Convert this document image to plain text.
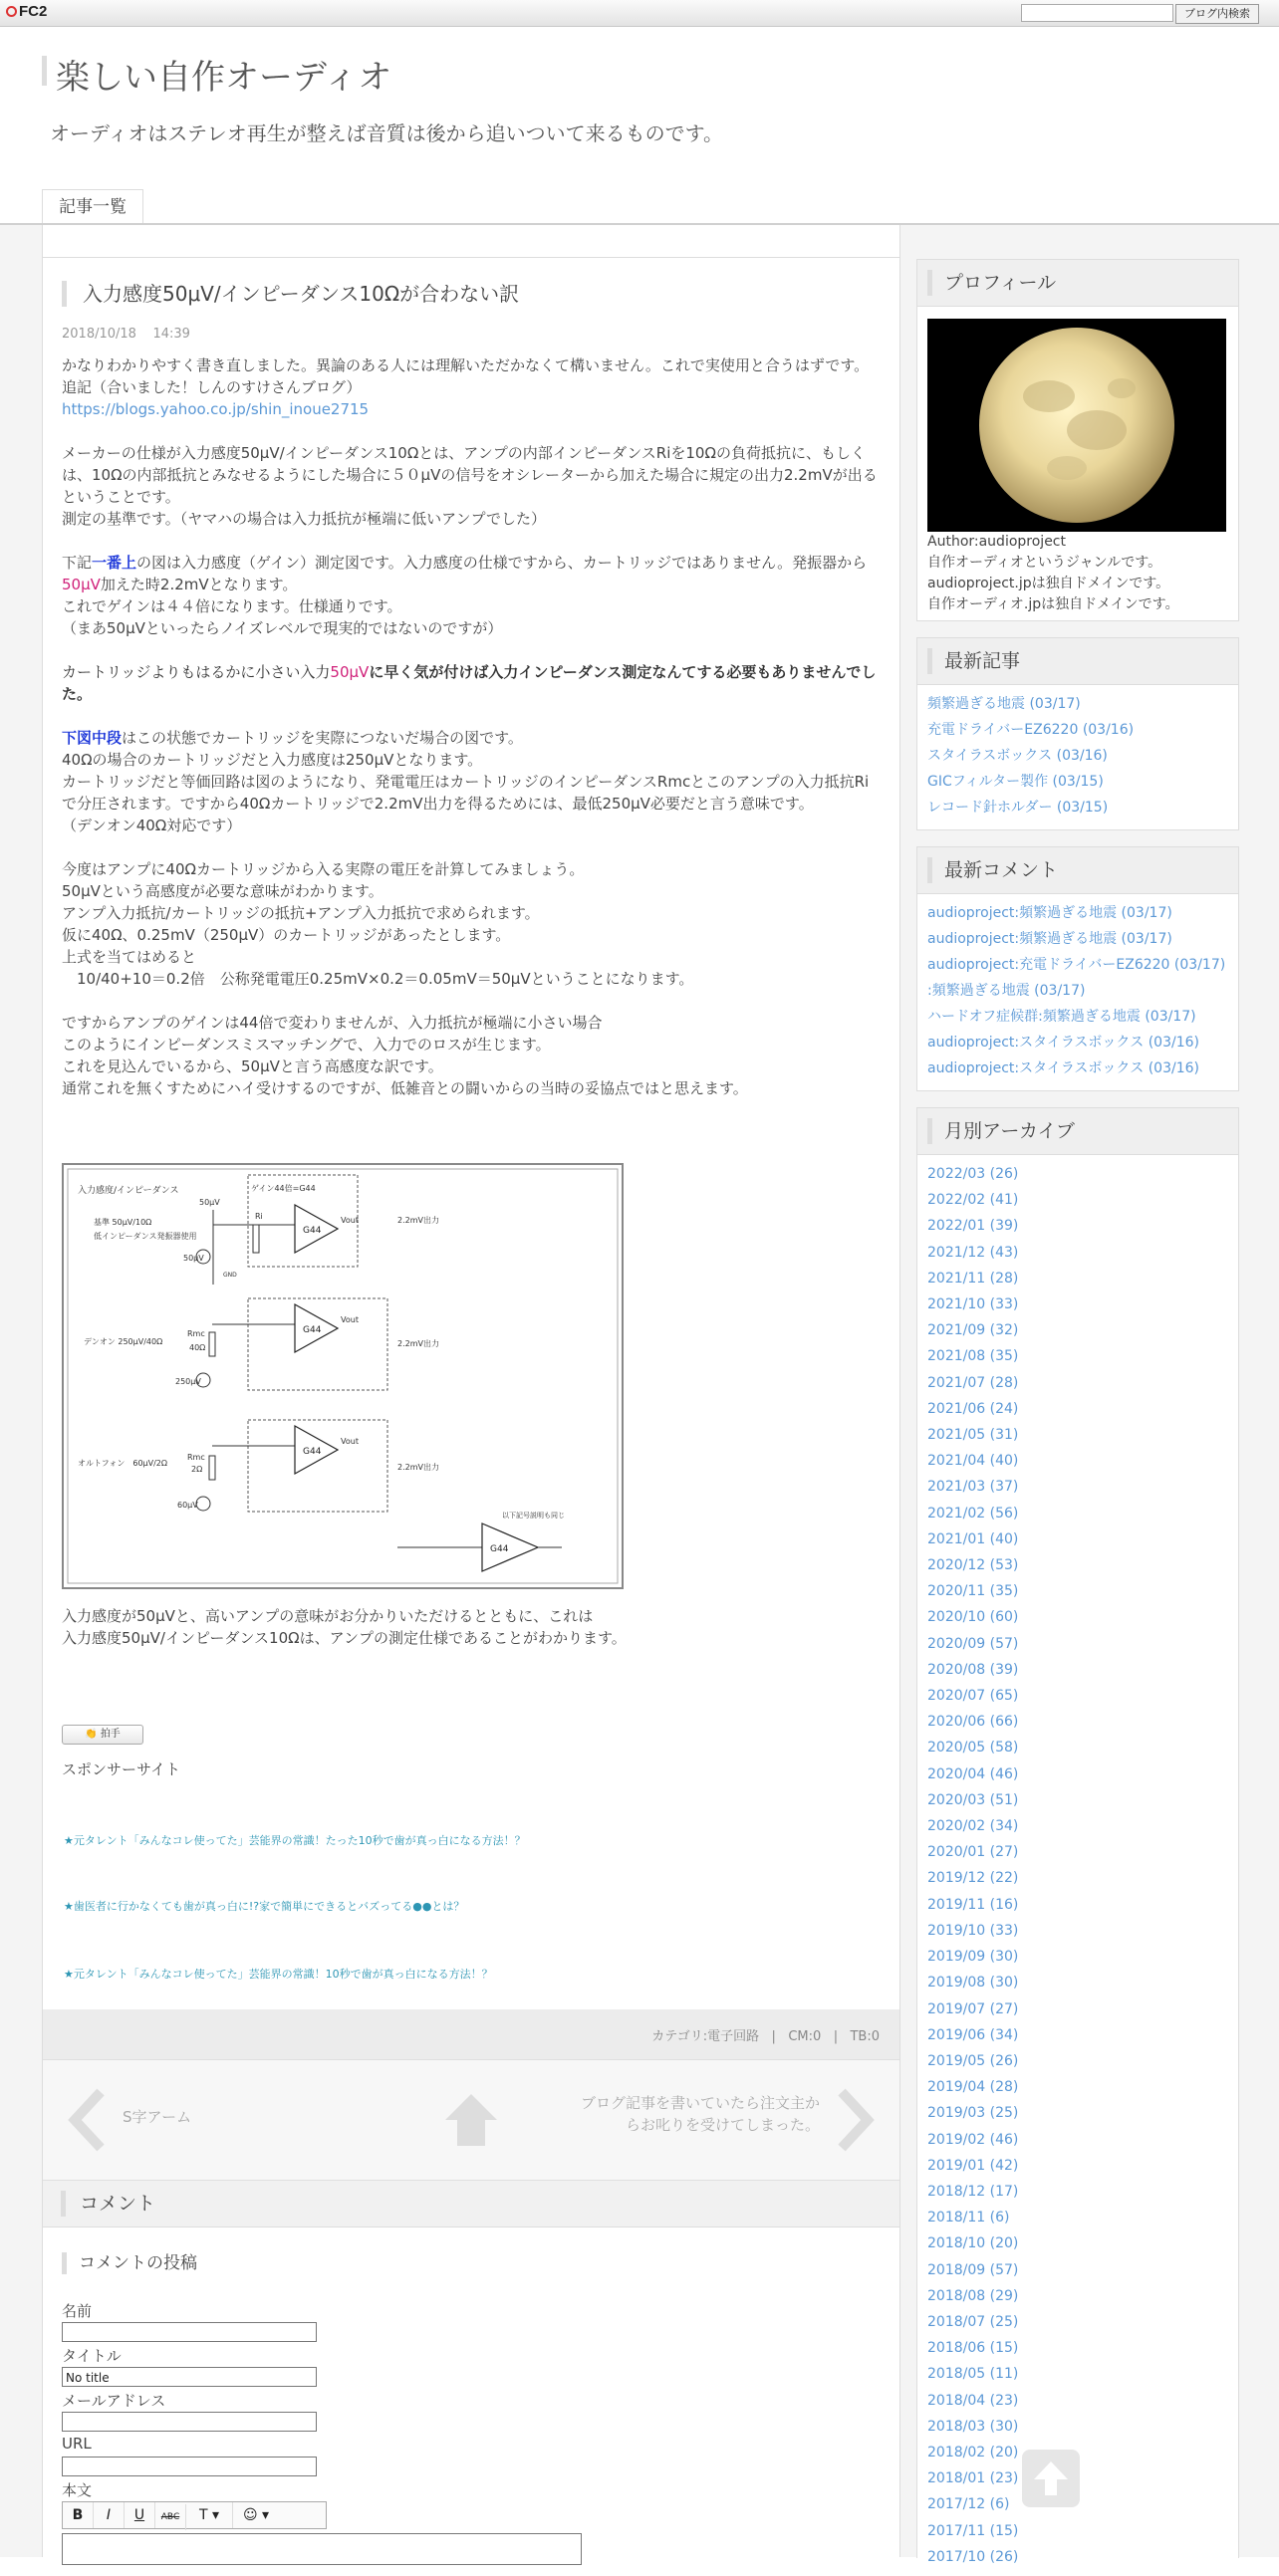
FC2	ブログ内検索
楽しい自作オーディオ
オーディオはステレオ再生が整えば音質は後から追いついて来るものです。
記事一覧
入力感度50μV/インピーダンス10Ωが合わない訳
2018/10/18 14:39

かなりわかりやすく書き直しました。異論のある人には理解いただかなくて構いません。これで実使用と合うはずです。
追記（合いました！しんのすけさんブログ）
https://blogs.yahoo.co.jp/shin_inoue2715

メーカーの仕様が入力感度50μV/インピーダンス10Ωとは、アンプの内部インピーダンスRiを10Ωの負荷抵抗に、もしくは、10Ωの内部抵抗とみなせるようにした場合に５０μVの信号をオシレーターから加えた場合に規定の出力2.2mVが出るということです。
測定の基準です。（ヤマハの場合は入力抵抗が極端に低いアンプでした）

下記一番上の図は入力感度（ゲイン）測定図です。入力感度の仕様ですから、カートリッジではありません。発振器から50μV加えた時2.2mVとなります。
これでゲインは４４倍になります。仕様通りです。
（まあ50μVといったらノイズレベルで現実的ではないのですが）

カートリッジよりもはるかに小さい入力50μVに早く気が付けば入力インピーダンス測定なんてする必要もありませんでした。

下図中段はこの状態でカートリッジを実際につないだ場合の図です。
40Ωの場合のカートリッジだと入力感度は250μVとなります。
カートリッジだと等価回路は図のようになり、発電電圧はカートリッジのインピーダンスRmcとこのアンプの入力抵抗Riで分圧されます。ですから40Ωカートリッジで2.2mV出力を得るためには、最低250μV必要だと言う意味です。
（デンオン40Ω対応です）

今度はアンプに40Ωカートリッジから入る実際の電圧を計算してみましょう。
50μVという高感度が必要な意味がわかります。
アンプ入力抵抗/カートリッジの抵抗+アンプ入力抵抗で求められます。
仮に40Ω、0.25mV（250μV）のカートリッジがあったとします。
上式を当てはめると
　10/40+10＝0.2倍　公称発電電圧0.25mV×0.2＝0.05mV＝50μVということになります。

ですからアンプのゲインは44倍で変わりませんが、入力抵抗が極端に小さい場合
このようにインピーダンスミスマッチングで、入力でのロスが生じます。
これを見込んでいるから、50μVと言う高感度な訳です。
通常これを無くすためにハイ受けするのですが、低雑音との闘いからの当時の妥協点ではと思えます。

入力感度/インピーダンス
基準 50μV/10Ω
低インピーダンス発振器使用
ゲイン44倍=G44
50μV
50μV
Ri
G44
Vout	2.2mV出力
GND
デンオン 250μV/40Ω
Rmc
40Ω
250μV
G44
Vout
2.2mV出力
オルトフォン　60μV/2Ω
Rmc
2Ω
60μV
G44
Vout
2.2mV出力
以下記号説明も同じ
G44
入力感度が50μVと、高いアンプの意味がお分かりいただけるとともに、これは
入力感度50μV/インピーダンス10Ωは、アンプの測定仕様であることがわかります。
👏 拍手
スポンサーサイト
★元タレント「みんなコレ使ってた」芸能界の常識！たった10秒で歯が真っ白になる方法！？
★歯医者に行かなくても歯が真っ白に!?家で簡単にできるとバズってる●●とは？
★元タレント「みんなコレ使ってた」芸能界の常識！10秒で歯が真っ白になる方法！？
カテゴリ:電子回路 | CM:0 | TB:0
S字アーム
ブログ記事を書いていたら注文主か
らお叱りを受けてしまった。
コメント
コメントの投稿
名前
タイトル
No title
メールアドレス
URL
本文
B I U ABC T ▾ ☺ ▾
プロフィール
Author:audioproject
自作オーディオというジャンルです。
audioproject.jpは独自ドメインです。
自作オーディオ.jpは独自ドメインです。
最新記事
頻繁過ぎる地震 (03/17)
充電ドライバーEZ6220 (03/16)
スタイラスボックス (03/16)
GICフィルター製作 (03/15)
レコード針ホルダー (03/15)
最新コメント
audioproject:頻繁過ぎる地震 (03/17)
audioproject:頻繁過ぎる地震 (03/17)
audioproject:充電ドライバーEZ6220 (03/17)
:頻繁過ぎる地震 (03/17)
ハードオフ症候群:頻繁過ぎる地震 (03/17)
audioproject:スタイラスボックス (03/16)
audioproject:スタイラスボックス (03/16)
月別アーカイブ
2022/03 (26)
2022/02 (41)
2022/01 (39)
2021/12 (43)
2021/11 (28)
2021/10 (33)
2021/09 (32)
2021/08 (35)
2021/07 (28)
2021/06 (24)
2021/05 (31)
2021/04 (40)
2021/03 (37)
2021/02 (56)
2021/01 (40)
2020/12 (53)
2020/11 (35)
2020/10 (60)
2020/09 (57)
2020/08 (39)
2020/07 (65)
2020/06 (66)
2020/05 (58)
2020/04 (46)
2020/03 (51)
2020/02 (34)
2020/01 (27)
2019/12 (22)
2019/11 (16)
2019/10 (33)
2019/09 (30)
2019/08 (30)
2019/07 (27)
2019/06 (34)
2019/05 (26)
2019/04 (28)
2019/03 (25)
2019/02 (46)
2019/01 (42)
2018/12 (17)
2018/11 (6)
2018/10 (20)
2018/09 (57)
2018/08 (29)
2018/07 (25)
2018/06 (15)
2018/05 (11)
2018/04 (23)
2018/03 (30)
2018/02 (20)
2018/01 (23)
2017/12 (6)
2017/11 (15)
2017/10 (26)
